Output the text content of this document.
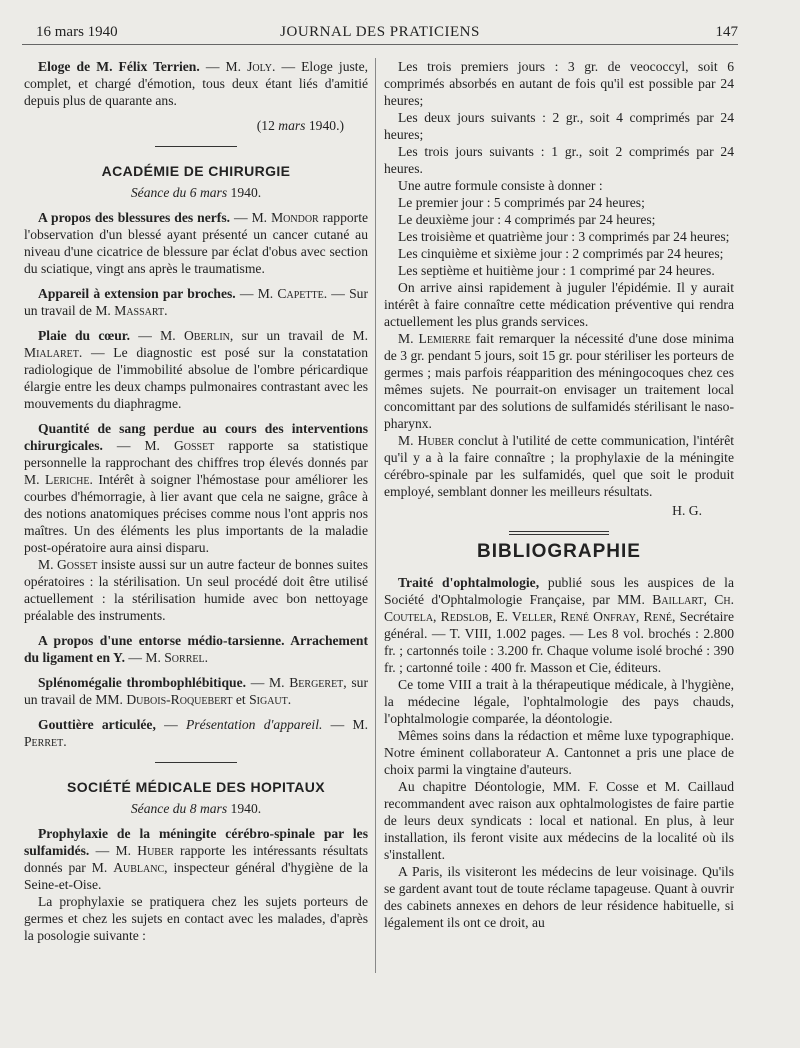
16 mars 1940	JOURNAL DES PRATICIENS	147

Eloge de M. Félix Terrien. — M. Joly. — Eloge juste, complet, et chargé d'émotion, tous deux étant liés d'amitié depuis plus de quarante ans.

(12 mars 1940.)

ACADÉMIE DE CHIRURGIE
Séance du 6 mars 1940.

A propos des blessures des nerfs. — M. Mondor rapporte l'observation d'un blessé ayant présenté un cancer cutané au niveau d'une cicatrice de blessure par éclat d'obus avec section du sciatique, vingt ans après le traumatisme.

Appareil à extension par broches. — M. Capette. — Sur un travail de M. Massart.

Plaie du cœur. — M. Oberlin, sur un travail de M. Mialaret. — Le diagnostic est posé sur la constatation radiologique de l'immobilité absolue de l'ombre péricardique élargie entre les deux champs pulmonaires contrastant avec les mouvements du diaphragme.

Quantité de sang perdue au cours des interventions chirurgicales. — M. Gosset rapporte sa statistique personnelle la rapprochant des chiffres trop élevés donnés par M. Leriche. Intérêt à soigner l'hémostase pour améliorer les courbes d'hémorragie, à lier avant que cela ne saigne, grâce à des notions anatomiques précises comme nous l'ont appris nos maîtres. Un des éléments les plus importants de la maladie post-opératoire aura ainsi disparu.

M. Gosset insiste aussi sur un autre facteur de bonnes suites opératoires : la stérilisation. Un seul procédé doit être utilisé actuellement : la stérilisation humide avec bon nettoyage préalable des instruments.

A propos d'une entorse médio-tarsienne. Arrachement du ligament en Y. — M. Sorrel.

Splénomégalie thrombophlébitique. — M. Bergeret, sur un travail de MM. Dubois-Roquebert et Sigaut.

Gouttière articulée, — Présentation d'appareil. — M. Perret.

SOCIÉTÉ MÉDICALE DES HOPITAUX
Séance du 8 mars 1940.

Prophylaxie de la méningite cérébro-spinale par les sulfamidés. — M. Huber rapporte les intéressants résultats donnés par M. Aublanc, inspecteur général d'hygiène de la Seine-et-Oise.

La prophylaxie se pratiquera chez les sujets porteurs de germes et chez les sujets en contact avec les malades, d'après la posologie suivante :

Les trois premiers jours : 3 gr. de veococcyl, soit 6 comprimés absorbés en autant de fois qu'il est possible par 24 heures;

Les deux jours suivants : 2 gr., soit 4 comprimés par 24 heures;

Les trois jours suivants : 1 gr., soit 2 comprimés par 24 heures.

Une autre formule consiste à donner :

Le premier jour : 5 comprimés par 24 heures;

Le deuxième jour : 4 comprimés par 24 heures;

Les troisième et quatrième jour : 3 comprimés par 24 heures;

Les cinquième et sixième jour : 2 comprimés par 24 heures;

Les septième et huitième jour : 1 comprimé par 24 heures.

On arrive ainsi rapidement à juguler l'épidémie. Il y aurait intérêt à faire connaître cette médication préventive qui rendra actuellement les plus grands services.

M. Lemierre fait remarquer la nécessité d'une dose minima de 3 gr. pendant 5 jours, soit 15 gr. pour stériliser les porteurs de germes ; mais parfois réapparition des méningocoques chez ces mêmes sujets. Ne pourrait-on envisager un traitement local concomittant par des solutions de sulfamidés stérilisant le naso-pharynx.

M. Huber conclut à l'utilité de cette communication, l'intérêt qu'il y a à la faire connaître ; la prophylaxie de la méningite cérébro-spinale par les sulfamidés, quel que soit le produit employé, semblant donner les meilleurs résultats.

H. G.
BIBLIOGRAPHIE

Traité d'ophtalmologie, publié sous les auspices de la Société d'Ophtalmologie Française, par MM. Baillart, Ch. Coutela, Redslob, E. Veller, René Onfray, René, Secrétaire général. — T. VIII, 1.002 pages. — Les 8 vol. brochés : 2.800 fr. ; cartonnés toile : 3.200 fr. Chaque volume isolé broché : 390 fr. ; cartonné toile : 400 fr. Masson et Cie, éditeurs.

Ce tome VIII a trait à la thérapeutique médicale, à l'hygiène, la médecine légale, l'ophtalmologie des pays chauds, l'ophtalmologie comparée, la déontologie.

Mêmes soins dans la rédaction et même luxe typographique. Notre éminent collaborateur A. Cantonnet a pris une place de choix parmi la vingtaine d'auteurs.

Au chapitre Déontologie, MM. F. Cosse et M. Caillaud recommandent avec raison aux ophtalmologistes de faire partie de leurs deux syndicats : local et national. En plus, à leur installation, ils feront visite aux médecins de la localité où ils s'installent.

A Paris, ils visiteront les médecins de leur voisinage. Qu'ils se gardent avant tout de toute réclame tapageuse. Quant à ouvrir des cabinets annexes en dehors de leur résidence habituelle, si légalement ils ont ce droit, au
